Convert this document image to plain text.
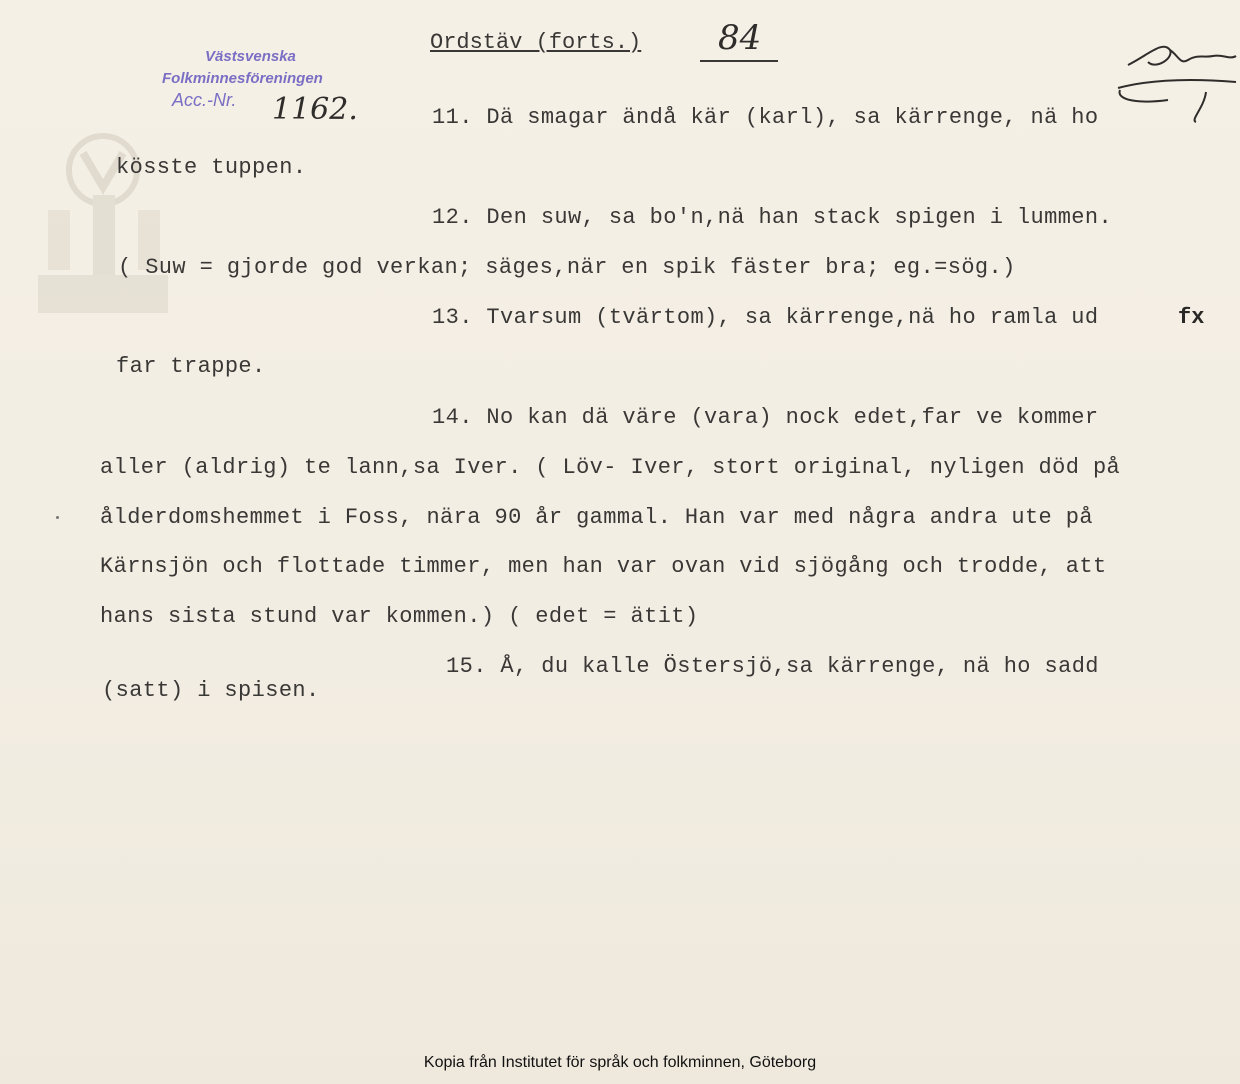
Västsvenska
Folkminnesföreningen
Acc.-Nr. 1162.
Ordstäv (forts.) 84
11. Dä smagar ändå kär (karl), sa kärrenge, nä ho
kösste tuppen.
12. Den suw, sa bo'n,nä han stack spigen i lummen.
( Suw = gjorde god verkan; säges,när en spik fäster bra; eg.=sög.)
13. Tvarsum (tvärtom), sa kärrenge,nä ho ramla ud	fx
far trappe.
14. No kan dä väre (vara) nock edet,far ve kommer
aller (aldrig) te lann,sa Iver. ( Löv- Iver, stort original, nyligen död på
ålderdomshemmet i Foss, nära 90 år gammal. Han var med några andra ute på
Kärnsjön och flottade timmer, men han var ovan vid sjögång och trodde, att
hans sista stund var kommen.) ( edet = ätit)
15. Å, du kalle Östersjö,sa kärrenge, nä ho sadd
(satt) i spisen.
Kopia från Institutet för språk och folkminnen, Göteborg
